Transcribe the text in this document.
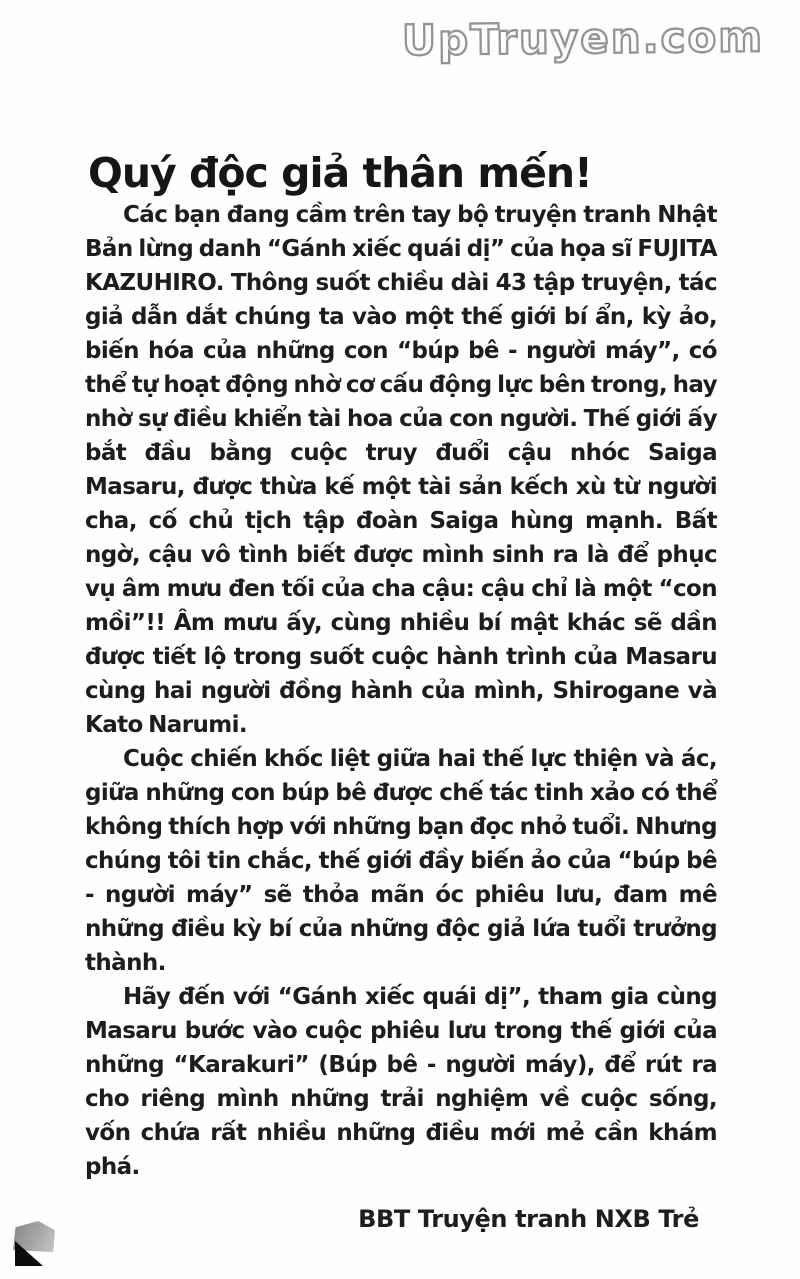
UpTruyen.com
Quý độc giả thân mến!

Các bạn đang cầm trên tay bộ truyện tranh Nhật Bản lừng danh “Gánh xiếc quái dị” của họa sĩ FUJITA KAZUHIRO. Thông suốt chiều dài 43 tập truyện, tác giả dẫn dắt chúng ta vào một thế giới bí ẩn, kỳ ảo, biến hóa của những con “búp bê - người máy”, có thể tự hoạt động nhờ cơ cấu động lực bên trong, hay nhờ sự điều khiển tài hoa của con người. Thế giới ấy bắt đầu bằng cuộc truy đuổi cậu nhóc Saiga Masaru, được thừa kế một tài sản kếch xù từ người cha, cố chủ tịch tập đoàn Saiga hùng mạnh. Bất ngờ, cậu vô tình biết được mình sinh ra là để phục vụ âm mưu đen tối của cha cậu: cậu chỉ là một “con mồi”!! Âm mưu ấy, cùng nhiều bí mật khác sẽ dần được tiết lộ trong suốt cuộc hành trình của Masaru cùng hai người đồng hành của mình, Shirogane và Kato Narumi.

Cuộc chiến khốc liệt giữa hai thế lực thiện và ác, giữa những con búp bê được chế tác tinh xảo có thể không thích hợp với những bạn đọc nhỏ tuổi. Nhưng chúng tôi tin chắc, thế giới đầy biến ảo của “búp bê - người máy” sẽ thỏa mãn óc phiêu lưu, đam mê những điều kỳ bí của những độc giả lứa tuổi trưởng thành.

Hãy đến với “Gánh xiếc quái dị”, tham gia cùng Masaru bước vào cuộc phiêu lưu trong thế giới của những “Karakuri” (Búp bê - người máy), để rút ra cho riêng mình những trải nghiệm về cuộc sống, vốn chứa rất nhiều những điều mới mẻ cần khám phá.

BBT Truyện tranh NXB Trẻ
